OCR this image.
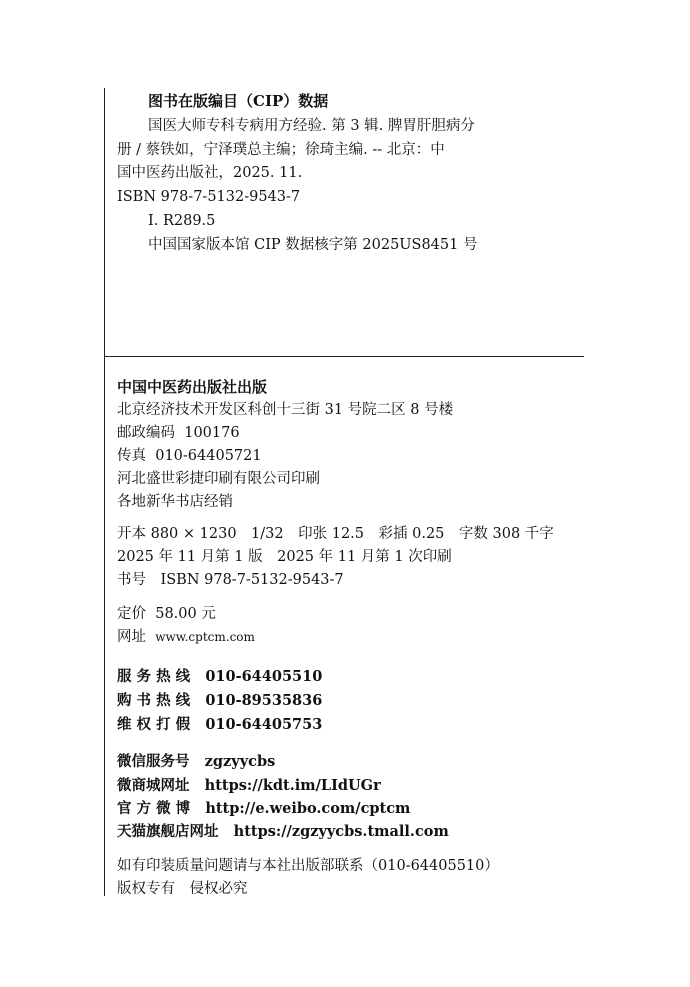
图书在版编目（CIP）数据
国医大师专科专病用方经验. 第 3 辑. 脾胃肝胆病分
册 / 蔡铁如，宁泽璞总主编；徐琦主编. -- 北京：中
国中医药出版社，2025. 11.
ISBN 978-7-5132-9543-7
Ⅰ. R289.5
中国国家版本馆 CIP 数据核字第 2025US8451 号
中国中医药出版社出版
北京经济技术开发区科创十三街 31 号院二区 8 号楼
邮政编码 100176
传真 010-64405721
河北盛世彩捷印刷有限公司印刷
各地新华书店经销
开本 880 × 1230　1/32　印张 12.5　彩插 0.25　字数 308 千字
2025 年 11 月第 1 版　2025 年 11 月第 1 次印刷
书号　ISBN 978-7-5132-9543-7
定价 58.00 元
网址 www.cptcm.com
服 务 热 线 010-64405510
购 书 热 线 010-89535836
维 权 打 假 010-64405753
微信服务号 zgzyycbs
微商城网址 https://kdt.im/LIdUGr
官 方 微 博 http://e.weibo.com/cptcm
天猫旗舰店网址 https://zgzyycbs.tmall.com
如有印装质量问题请与本社出版部联系（010-64405510）
版权专有　侵权必究
